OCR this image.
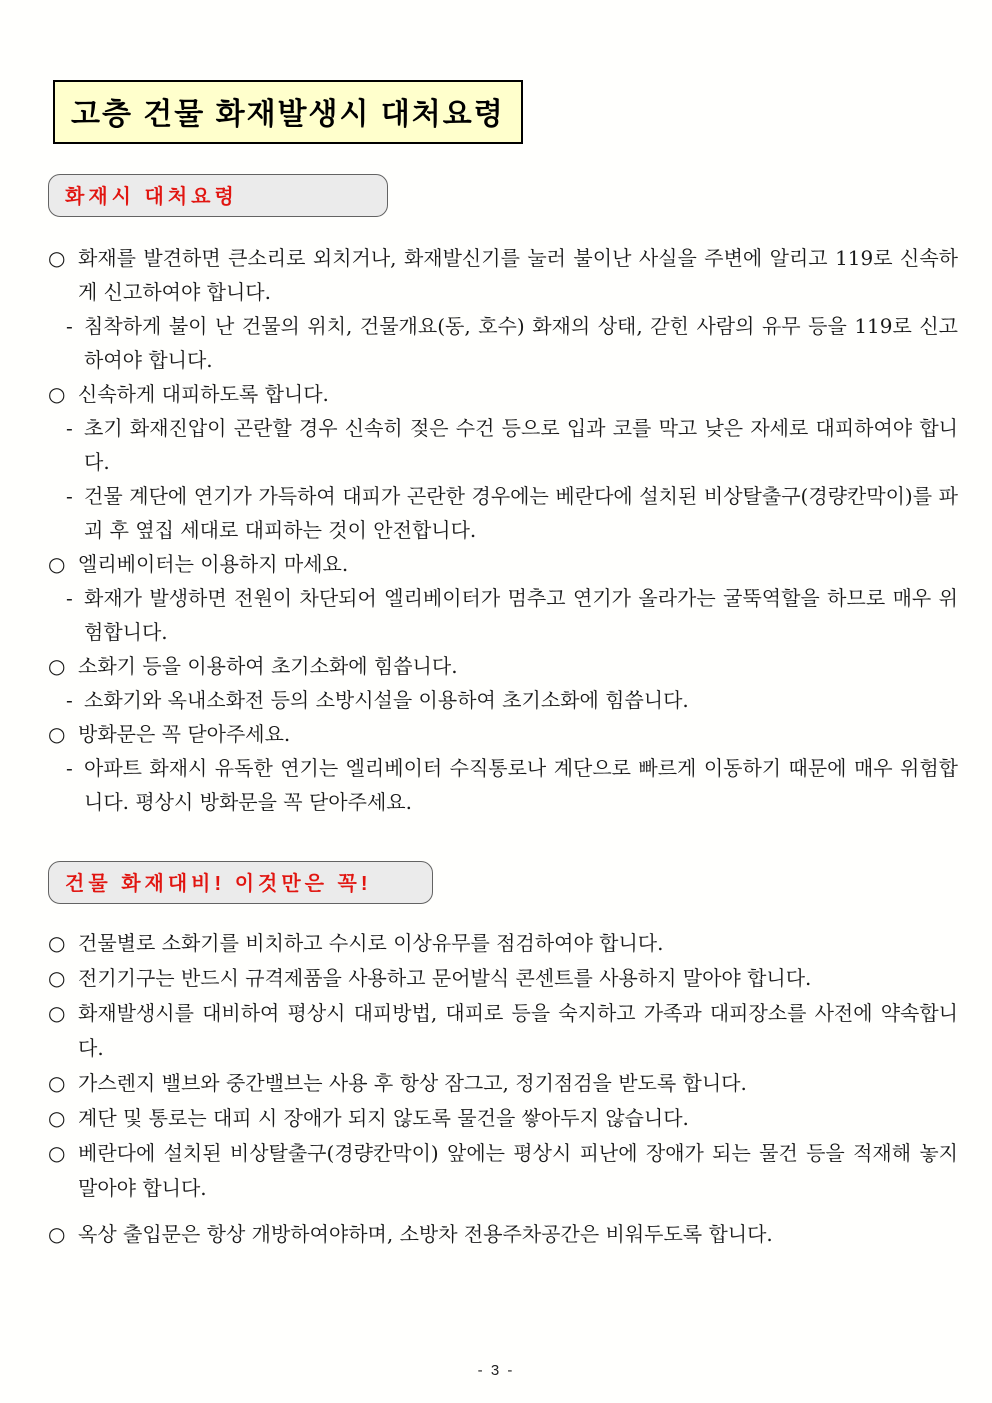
고층 건물 화재발생시 대처요령
화재시 대처요령
○ 화재를 발견하면 큰소리로 외치거나, 화재발신기를 눌러 불이난 사실을 주변에 알리고 119로 신속하게 신고하여야 합니다.
- 침착하게 불이 난 건물의 위치, 건물개요(동, 호수) 화재의 상태, 갇힌 사람의 유무 등을 119로 신고하여야 합니다.
○ 신속하게 대피하도록 합니다.
- 초기 화재진압이 곤란할 경우 신속히 젖은 수건 등으로 입과 코를 막고 낮은 자세로 대피하여야 합니다.
- 건물 계단에 연기가 가득하여 대피가 곤란한 경우에는 베란다에 설치된 비상탈출구(경량칸막이)를 파괴 후 옆집 세대로 대피하는 것이 안전합니다.
○ 엘리베이터는 이용하지 마세요.
- 화재가 발생하면 전원이 차단되어 엘리베이터가 멈추고 연기가 올라가는 굴뚝역할을 하므로 매우 위험합니다.
○ 소화기 등을 이용하여 초기소화에 힘씁니다.
- 소화기와 옥내소화전 등의 소방시설을 이용하여 초기소화에 힘씁니다.
○ 방화문은 꼭 닫아주세요.
- 아파트 화재시 유독한 연기는 엘리베이터 수직통로나 계단으로 빠르게 이동하기 때문에 매우 위험합니다. 평상시 방화문을 꼭 닫아주세요.
건물 화재대비! 이것만은 꼭!
○ 건물별로 소화기를 비치하고 수시로 이상유무를 점검하여야 합니다.
○ 전기기구는 반드시 규격제품을 사용하고 문어발식 콘센트를 사용하지 말아야 합니다.
○ 화재발생시를 대비하여 평상시 대피방법, 대피로 등을 숙지하고 가족과 대피장소를 사전에 약속합니다.
○ 가스렌지 밸브와 중간밸브는 사용 후 항상 잠그고, 정기점검을 받도록 합니다.
○ 계단 및 통로는 대피 시 장애가 되지 않도록 물건을 쌓아두지 않습니다.
○ 베란다에 설치된 비상탈출구(경량칸막이) 앞에는 평상시 피난에 장애가 되는 물건 등을 적재해 놓지 말아야 합니다.
○ 옥상 출입문은 항상 개방하여야하며, 소방차 전용주차공간은 비워두도록 합니다.
- 3 -
